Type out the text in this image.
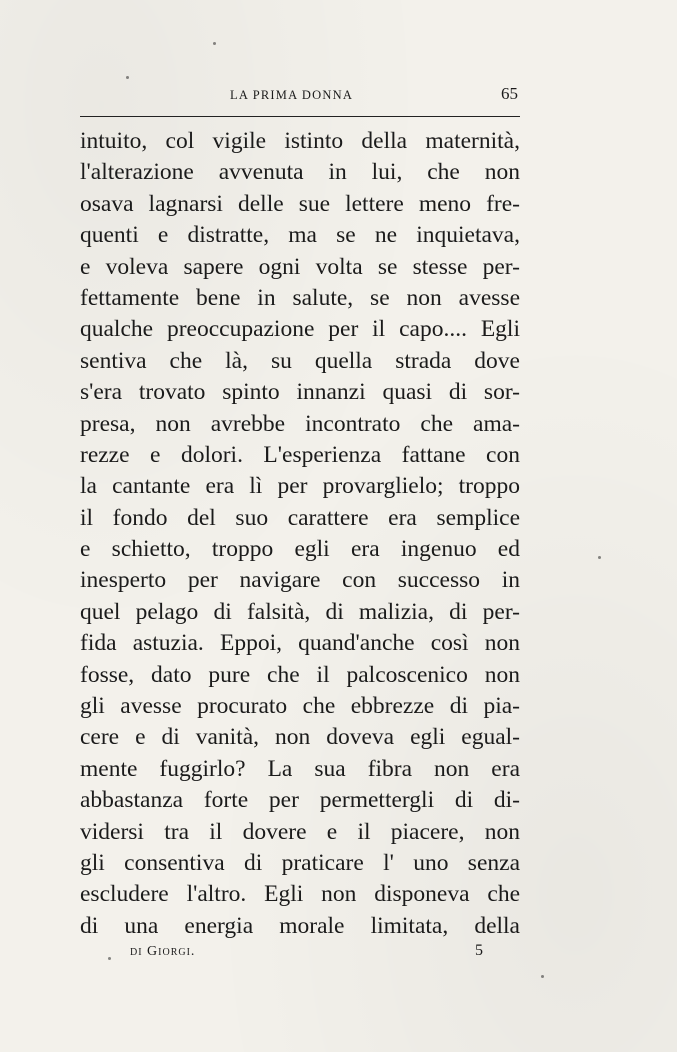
LA PRIMA DONNA	65
intuito, col vigile istinto della maternità,
l'alterazione avvenuta in lui, che non
osava lagnarsi delle sue lettere meno fre-
quenti e distratte, ma se ne inquietava,
e voleva sapere ogni volta se stesse per-
fettamente bene in salute, se non avesse
qualche preoccupazione per il capo.... Egli
sentiva che là, su quella strada dove
s'era trovato spinto innanzi quasi di sor-
presa, non avrebbe incontrato che ama-
rezze e dolori. L'esperienza fattane con
la cantante era lì per provarglielo; troppo
il fondo del suo carattere era semplice
e schietto, troppo egli era ingenuo ed
inesperto per navigare con successo in
quel pelago di falsità, di malizia, di per-
fida astuzia. Eppoi, quand'anche così non
fosse, dato pure che il palcoscenico non
gli avesse procurato che ebbrezze di pia-
cere e di vanità, non doveva egli egual-
mente fuggirlo? La sua fibra non era
abbastanza forte per permettergli di di-
vidersi tra il dovere e il piacere, non
gli consentiva di praticare l' uno senza
escludere l'altro. Egli non disponeva che
di una energia morale limitata, della
di Giorgi.	5
